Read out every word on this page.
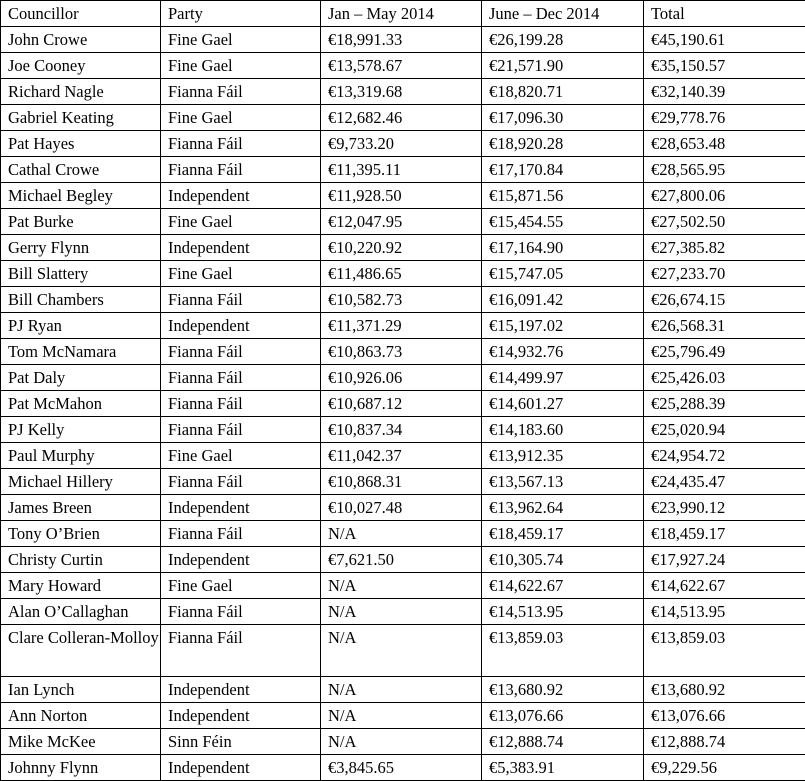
Councillor	Party	Jan – May 2014	June – Dec 2014	Total
John Crowe	Fine Gael	€18,991.33	€26,199.28	€45,190.61
Joe Cooney	Fine Gael	€13,578.67	€21,571.90	€35,150.57
Richard Nagle	Fianna Fáil	€13,319.68	€18,820.71	€32,140.39
Gabriel Keating	Fine Gael	€12,682.46	€17,096.30	€29,778.76
Pat Hayes	Fianna Fáil	€9,733.20	€18,920.28	€28,653.48
Cathal Crowe	Fianna Fáil	€11,395.11	€17,170.84	€28,565.95
Michael Begley	Independent	€11,928.50	€15,871.56	€27,800.06
Pat Burke	Fine Gael	€12,047.95	€15,454.55	€27,502.50
Gerry Flynn	Independent	€10,220.92	€17,164.90	€27,385.82
Bill Slattery	Fine Gael	€11,486.65	€15,747.05	€27,233.70
Bill Chambers	Fianna Fáil	€10,582.73	€16,091.42	€26,674.15
PJ Ryan	Independent	€11,371.29	€15,197.02	€26,568.31
Tom McNamara	Fianna Fáil	€10,863.73	€14,932.76	€25,796.49
Pat Daly	Fianna Fáil	€10,926.06	€14,499.97	€25,426.03
Pat McMahon	Fianna Fáil	€10,687.12	€14,601.27	€25,288.39
PJ Kelly	Fianna Fáil	€10,837.34	€14,183.60	€25,020.94
Paul Murphy	Fine Gael	€11,042.37	€13,912.35	€24,954.72
Michael Hillery	Fianna Fáil	€10,868.31	€13,567.13	€24,435.47
James Breen	Independent	€10,027.48	€13,962.64	€23,990.12
Tony O’Brien	Fianna Fáil	N/A	€18,459.17	€18,459.17
Christy Curtin	Independent	€7,621.50	€10,305.74	€17,927.24
Mary Howard	Fine Gael	N/A	€14,622.67	€14,622.67
Alan O’Callaghan	Fianna Fáil	N/A	€14,513.95	€14,513.95
Clare Colleran-Molloy	Fianna Fáil	N/A	€13,859.03	€13,859.03
Ian Lynch	Independent	N/A	€13,680.92	€13,680.92
Ann Norton	Independent	N/A	€13,076.66	€13,076.66
Mike McKee	Sinn Féin	N/A	€12,888.74	€12,888.74
Johnny Flynn	Independent	€3,845.65	€5,383.91	€9,229.56
